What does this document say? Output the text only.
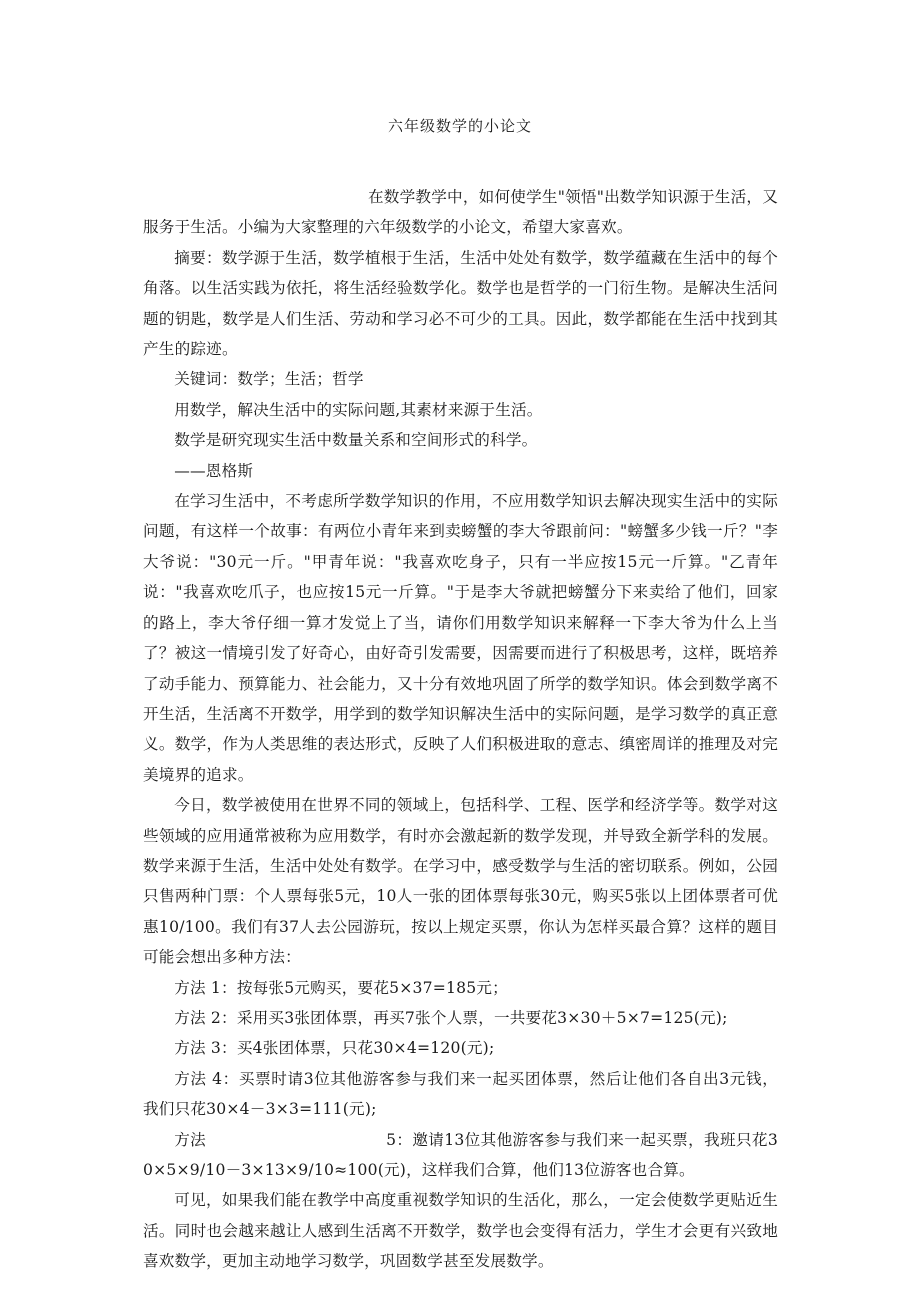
六年级数学的小论文

在数学教学中，如何使学生"领悟"出数学知识源于生活，又服务于生活。小编为大家整理的六年级数学的小论文，希望大家喜欢。

摘要：数学源于生活，数学植根于生活，生活中处处有数学，数学蕴藏在生活中的每个角落。以生活实践为依托，将生活经验数学化。数学也是哲学的一门衍生物。是解决生活问题的钥匙，数学是人们生活、劳动和学习必不可少的工具。因此，数学都能在生活中找到其产生的踪迹。

关键词：数学；生活；哲学

用数学，解决生活中的实际问题,其素材来源于生活。

数学是研究现实生活中数量关系和空间形式的科学。

——恩格斯

在学习生活中，不考虑所学数学知识的作用，不应用数学知识去解决现实生活中的实际问题，有这样一个故事：有两位小青年来到卖螃蟹的李大爷跟前问："螃蟹多少钱一斤？"李大爷说："30元一斤。"甲青年说："我喜欢吃身子，只有一半应按15元一斤算。"乙青年说："我喜欢吃爪子，也应按15元一斤算。"于是李大爷就把螃蟹分下来卖给了他们，回家的路上，李大爷仔细一算才发觉上了当，请你们用数学知识来解释一下李大爷为什么上当了？被这一情境引发了好奇心，由好奇引发需要，因需要而进行了积极思考，这样，既培养了动手能力、预算能力、社会能力，又十分有效地巩固了所学的数学知识。体会到数学离不开生活，生活离不开数学，用学到的数学知识解决生活中的实际问题，是学习数学的真正意义。数学，作为人类思维的表达形式，反映了人们积极进取的意志、缜密周详的推理及对完美境界的追求。

今日，数学被使用在世界不同的领域上，包括科学、工程、医学和经济学等。数学对这些领域的应用通常被称为应用数学，有时亦会激起新的数学发现，并导致全新学科的发展。数学来源于生活，生活中处处有数学。在学习中，感受数学与生活的密切联系。例如，公园只售两种门票：个人票每张5元，10人一张的团体票每张30元，购买5张以上团体票者可优惠10/100。我们有37人去公园游玩，按以上规定买票，你认为怎样买最合算？这样的题目可能会想出多种方法：

方法 1：按每张5元购买，要花5×37=185元；

方法 2：采用买3张团体票，再买7张个人票，一共要花3×30＋5×7=125(元);

方法 3：买4张团体票，只花30×4=120(元);

方法 4：买票时请3位其他游客参与我们来一起买团体票，然后让他们各自出3元钱，我们只花30×4－3×3=111(元);

方法	5：邀请13位其他游客参与我们来一起买票，我班只花30×5×9/10－3×13×9/10≈100(元)，这样我们合算，他们13位游客也合算。

可见，如果我们能在教学中高度重视数学知识的生活化，那么，一定会使数学更贴近生活。同时也会越来越让人感到生活离不开数学，数学也会变得有活力，学生才会更有兴致地喜欢数学，更加主动地学习数学，巩固数学甚至发展数学。
